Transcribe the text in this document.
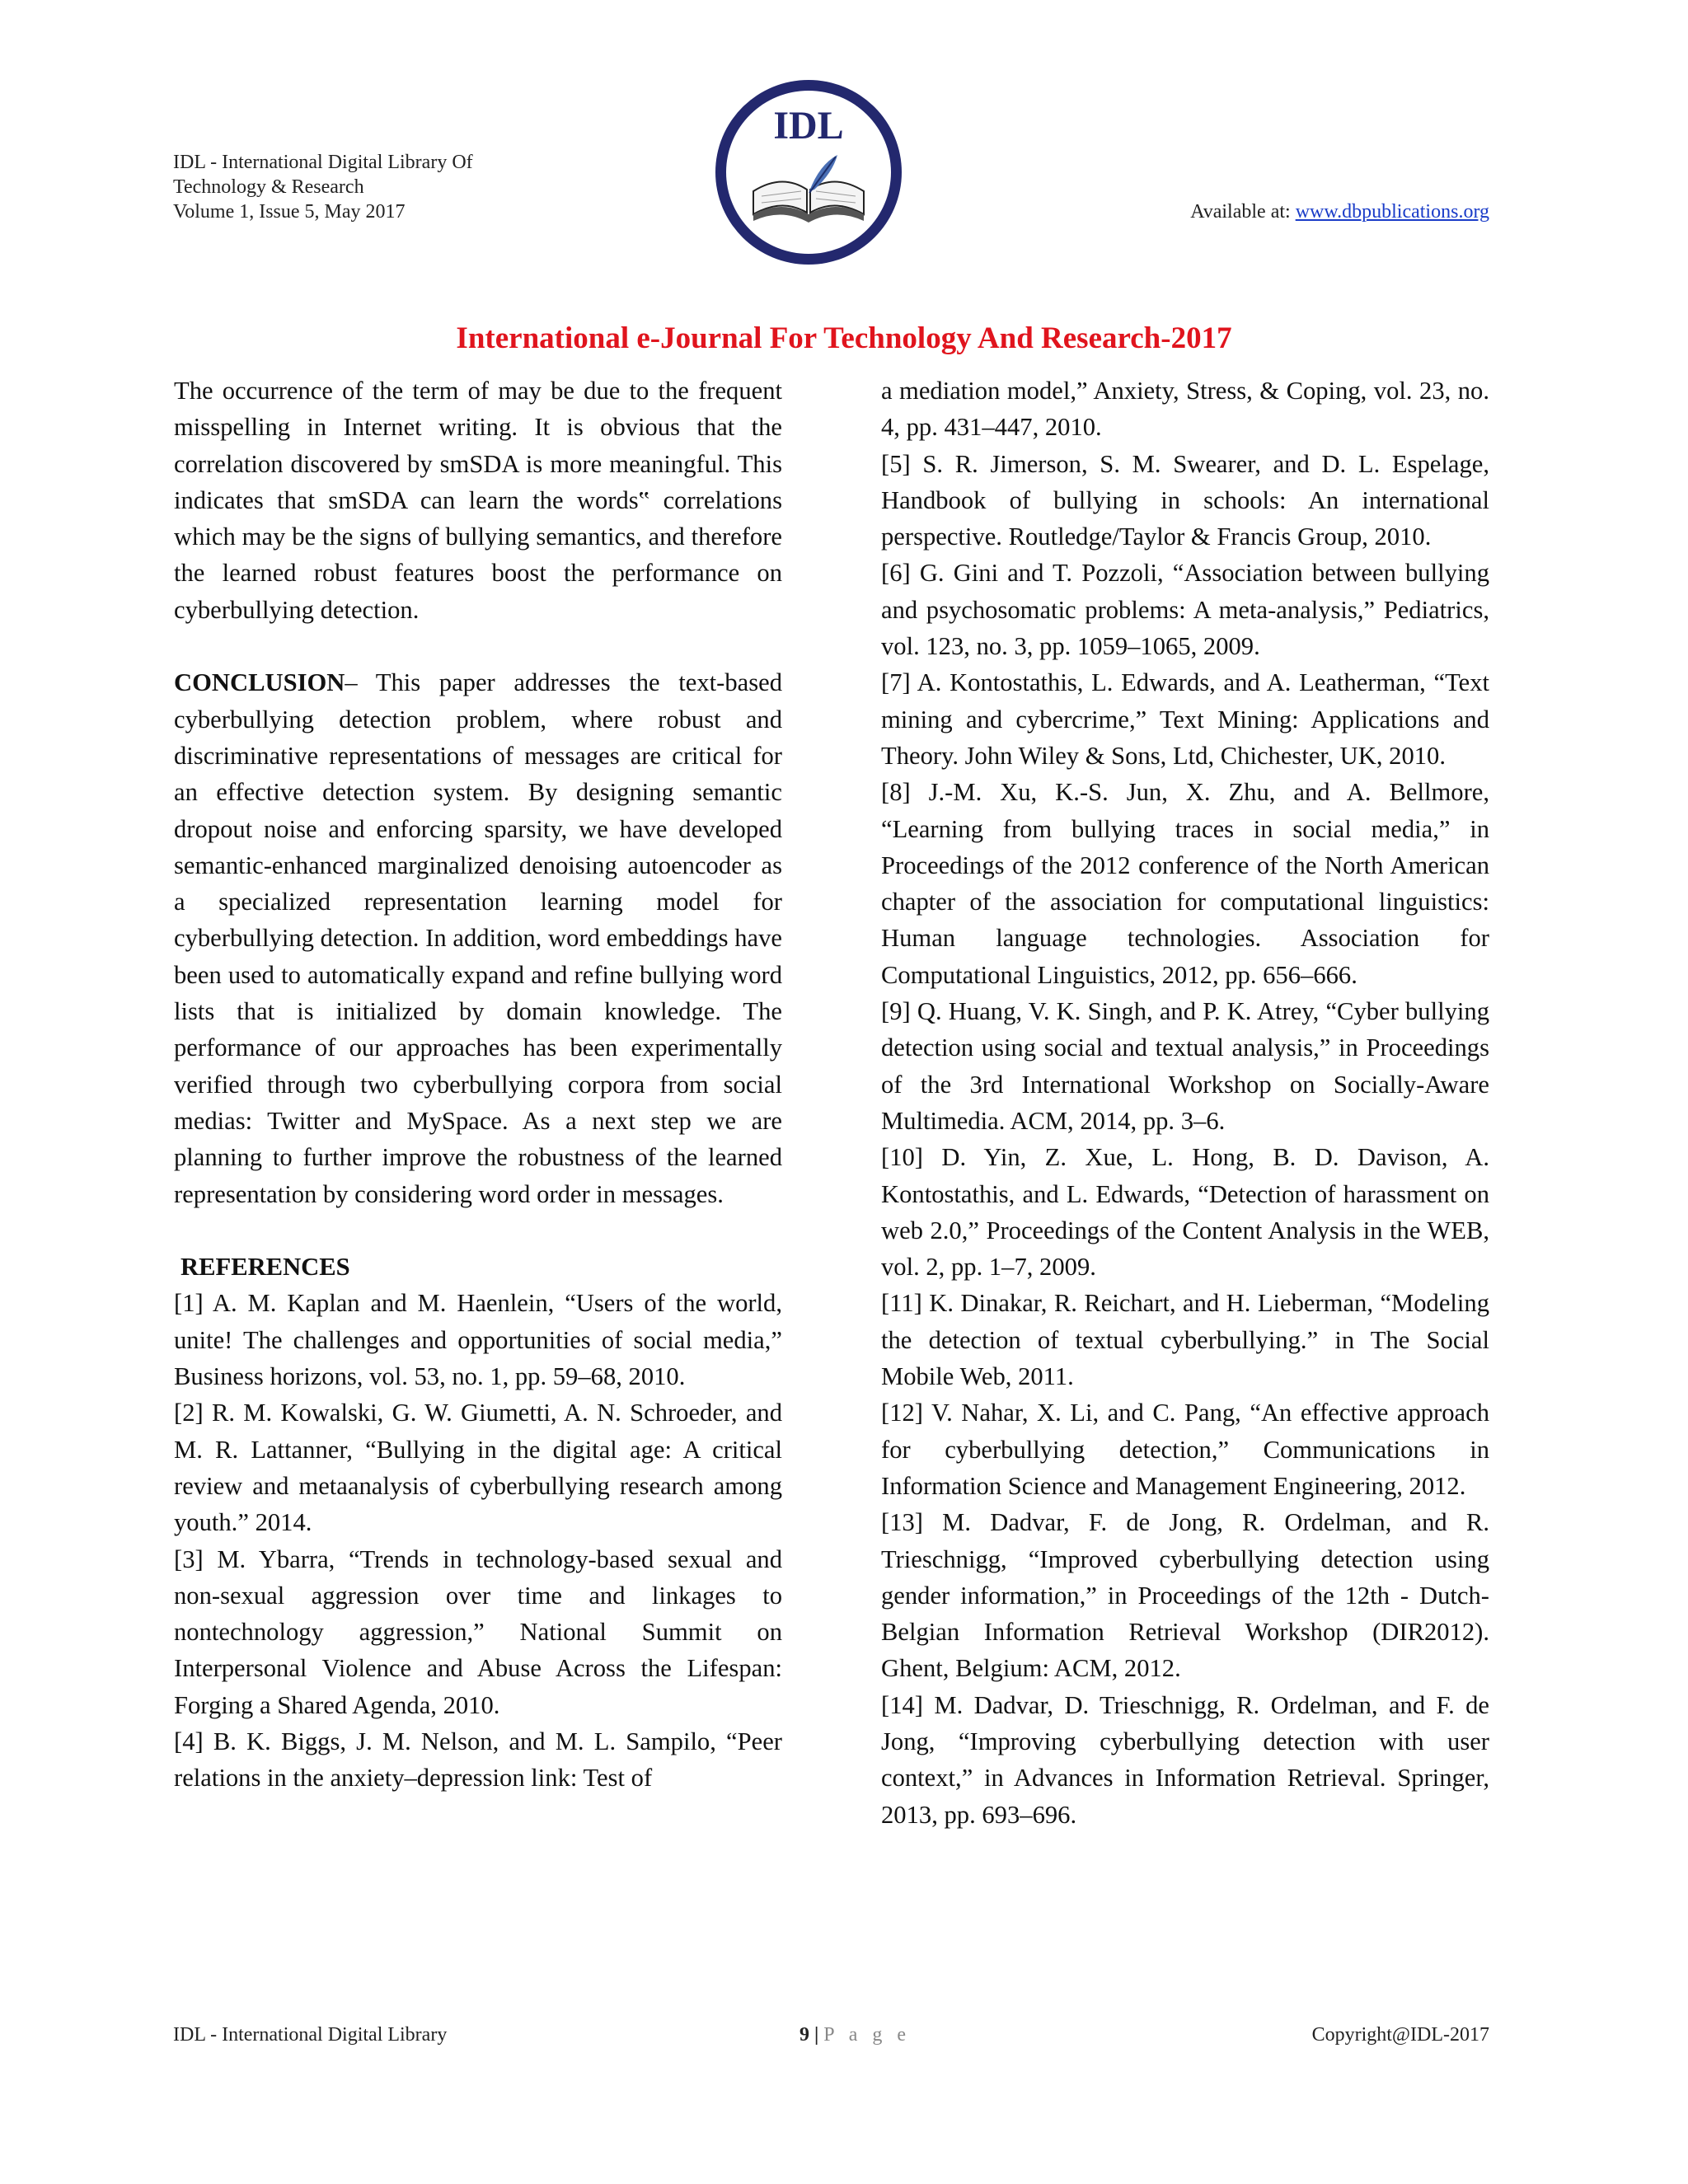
IDL - International Digital Library Of
Technology & Research
Volume 1, Issue 5, May 2017
IDL
Available at: www.dbpublications.org
International e-Journal For Technology And Research-2017

The occurrence of the term of may be due to the frequent misspelling in Internet writing. It is obvious that the correlation discovered by smSDA is more meaningful. This indicates that smSDA can learn the words‟ correlations which may be the signs of bullying semantics, and therefore the learned robust features boost the performance on cyberbullying detection.

CONCLUSION– This paper addresses the text-based cyberbullying detection problem, where robust and discriminative representations of messages are critical for an effective detection system. By designing semantic dropout noise and enforcing sparsity, we have developed semantic-enhanced marginalized denoising autoencoder as a specialized representation learning model for cyberbullying detection. In addition, word embeddings have been used to automatically expand and refine bullying word lists that is initialized by domain knowledge. The performance of our approaches has been experimentally verified through two cyberbullying corpora from social medias: Twitter and MySpace. As a next step we are planning to further improve the robustness of the learned representation by considering word order in messages.

REFERENCES

[1] A. M. Kaplan and M. Haenlein, “Users of the world, unite! The challenges and opportunities of social media,” Business horizons, vol. 53, no. 1, pp. 59–68, 2010.

[2] R. M. Kowalski, G. W. Giumetti, A. N. Schroeder, and M. R. Lattanner, “Bullying in the digital age: A critical review and metaanalysis of cyberbullying research among youth.” 2014.

[3] M. Ybarra, “Trends in technology-based sexual and non-sexual aggression over time and linkages to nontechnology aggression,” National Summit on Interpersonal Violence and Abuse Across the Lifespan: Forging a Shared Agenda, 2010.

[4] B. K. Biggs, J. M. Nelson, and M. L. Sampilo, “Peer relations in the anxiety–depression link: Test of

a mediation model,” Anxiety, Stress, & Coping, vol. 23, no. 4, pp. 431–447, 2010.

[5] S. R. Jimerson, S. M. Swearer, and D. L. Espelage, Handbook of bullying in schools: An international perspective. Routledge/Taylor & Francis Group, 2010.

[6] G. Gini and T. Pozzoli, “Association between bullying and psychosomatic problems: A meta-analysis,” Pediatrics, vol. 123, no. 3, pp. 1059–1065, 2009.

[7] A. Kontostathis, L. Edwards, and A. Leatherman, “Text mining and cybercrime,” Text Mining: Applications and Theory. John Wiley & Sons, Ltd, Chichester, UK, 2010.

[8] J.-M. Xu, K.-S. Jun, X. Zhu, and A. Bellmore, “Learning from bullying traces in social media,” in Proceedings of the 2012 conference of the North American chapter of the association for computational linguistics: Human language technologies. Association for Computational Linguistics, 2012, pp. 656–666.

[9] Q. Huang, V. K. Singh, and P. K. Atrey, “Cyber bullying detection using social and textual analysis,” in Proceedings of the 3rd International Workshop on Socially-Aware Multimedia. ACM, 2014, pp. 3–6.

[10] D. Yin, Z. Xue, L. Hong, B. D. Davison, A. Kontostathis, and L. Edwards, “Detection of harassment on web 2.0,” Proceedings of the Content Analysis in the WEB, vol. 2, pp. 1–7, 2009.

[11] K. Dinakar, R. Reichart, and H. Lieberman, “Modeling the detection of textual cyberbullying.” in The Social Mobile Web, 2011.

[12] V. Nahar, X. Li, and C. Pang, “An effective approach for cyberbullying detection,” Communications in Information Science and Management Engineering, 2012.

[13] M. Dadvar, F. de Jong, R. Ordelman, and R. Trieschnigg, “Improved cyberbullying detection using gender information,” in Proceedings of the 12th - Dutch-Belgian Information Retrieval Workshop (DIR2012). Ghent, Belgium: ACM, 2012.

[14] M. Dadvar, D. Trieschnigg, R. Ordelman, and F. de Jong, “Improving cyberbullying detection with user context,” in Advances in Information Retrieval. Springer, 2013, pp. 693–696.

IDL - International Digital Library	9 | P a g e	Copyright@IDL-2017
